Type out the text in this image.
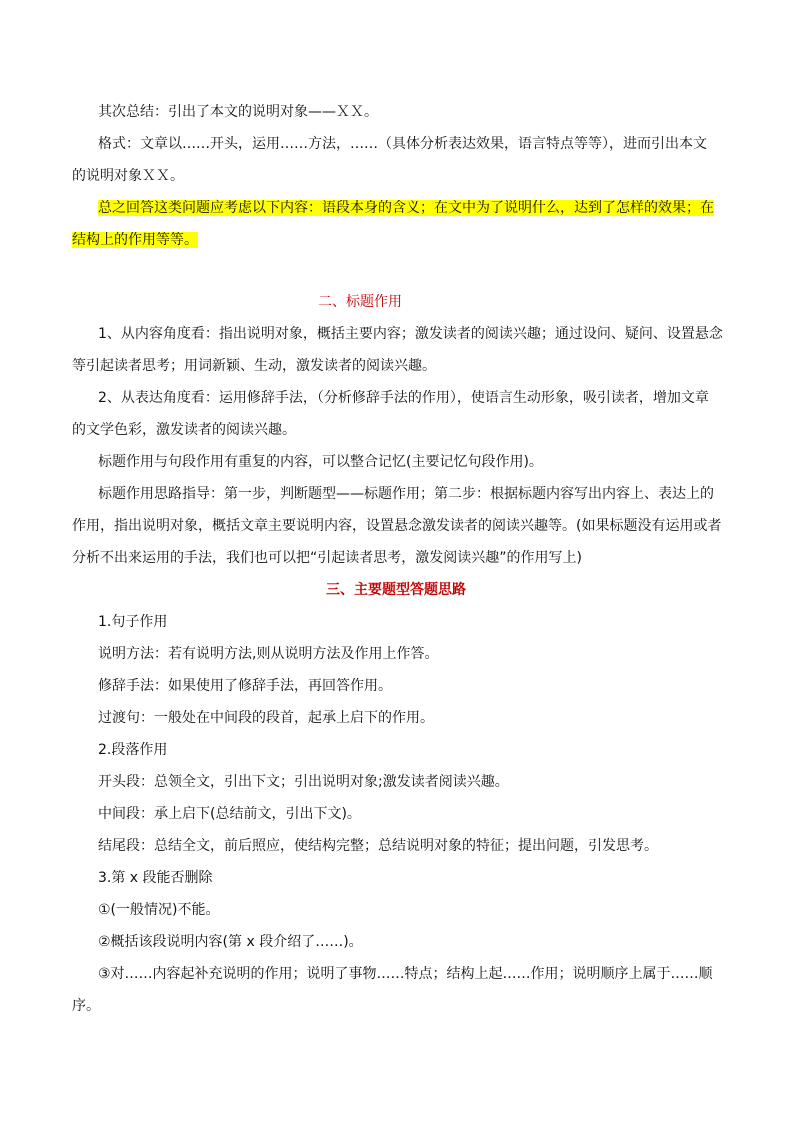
其次总结：引出了本文的说明对象——ＸＸ。
格式：文章以……开头，运用……方法，……（具体分析表达效果，语言特点等等），进而引出本文
的说明对象ＸＸ。
总之回答这类问题应考虑以下内容：语段本身的含义；在文中为了说明什么，达到了怎样的效果；在
结构上的作用等等。
二、标题作用
1、从内容角度看：指出说明对象，概括主要内容；激发读者的阅读兴趣；通过设问、疑问、设置悬念
等引起读者思考；用词新颖、生动，激发读者的阅读兴趣。
2、从表达角度看：运用修辞手法，（分析修辞手法的作用），使语言生动形象，吸引读者，增加文章
的文学色彩，激发读者的阅读兴趣。
标题作用与句段作用有重复的内容，可以整合记忆(主要记忆句段作用)。
标题作用思路指导：第一步，判断题型——标题作用；第二步：根据标题内容写出内容上、表达上的
作用，指出说明对象，概括文章主要说明内容，设置悬念激发读者的阅读兴趣等。(如果标题没有运用或者
分析不出来运用的手法，我们也可以把“引起读者思考，激发阅读兴趣”的作用写上)
三、主要题型答题思路
1.句子作用
说明方法：若有说明方法,则从说明方法及作用上作答。
修辞手法：如果使用了修辞手法，再回答作用。
过渡句：一般处在中间段的段首，起承上启下的作用。
2.段落作用
开头段：总领全文，引出下文；引出说明对象;激发读者阅读兴趣。
中间段：承上启下(总结前文，引出下文)。
结尾段：总结全文，前后照应，使结构完整；总结说明对象的特征；提出问题，引发思考。
3.第 x 段能否删除
①(一般情况)不能。
②概括该段说明内容(第 x 段介绍了……)。
③对……内容起补充说明的作用；说明了事物……特点；结构上起……作用；说明顺序上属于……顺
序。
